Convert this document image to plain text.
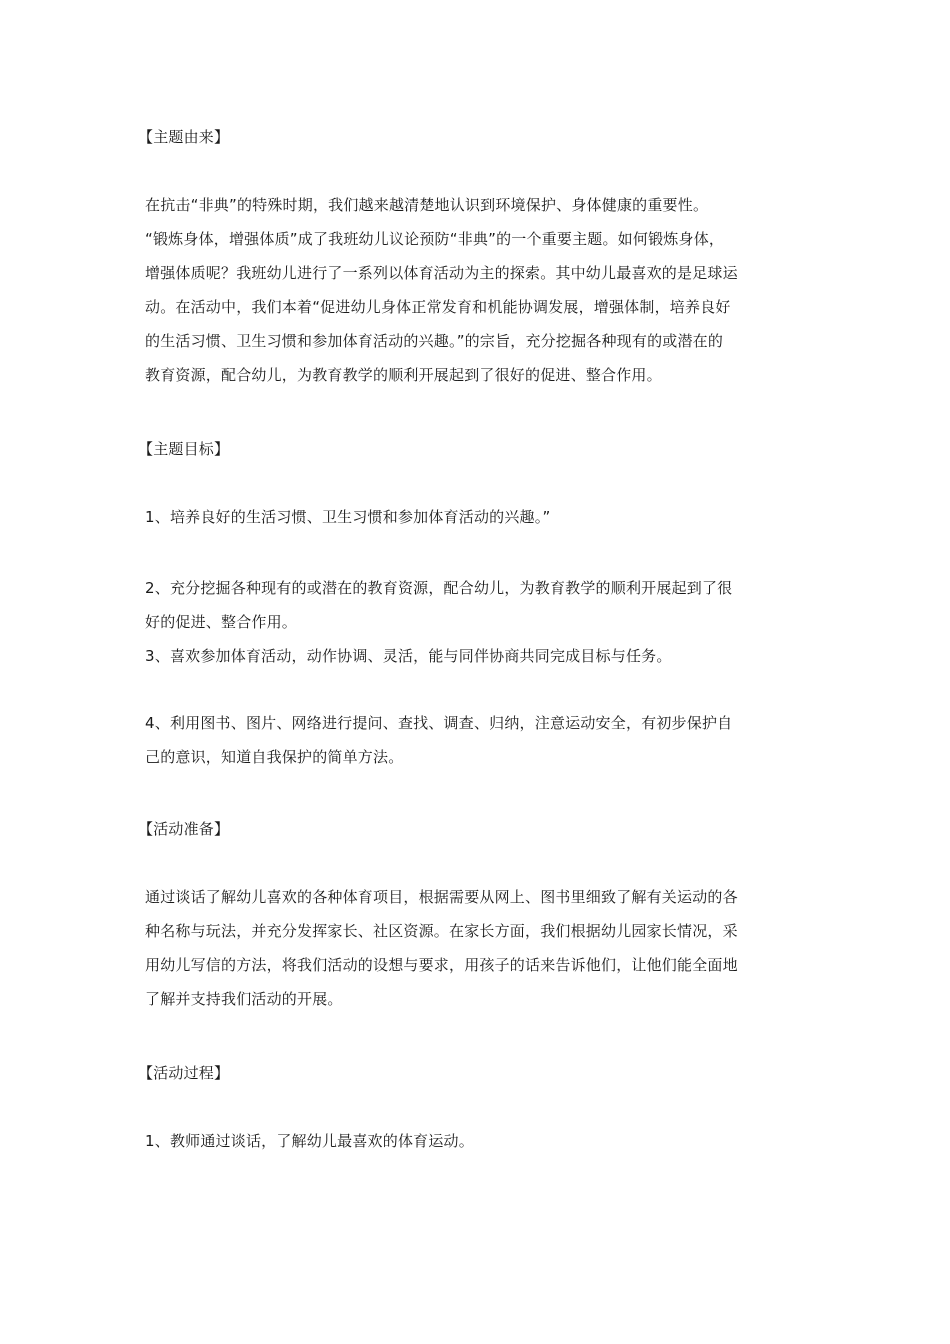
【主题由来】

在抗击“非典”的特殊时期，我们越来越清楚地认识到环境保护、身体健康的重要性。
“锻炼身体，增强体质”成了我班幼儿议论预防“非典”的一个重要主题。如何锻炼身体，
增强体质呢？我班幼儿进行了一系列以体育活动为主的探索。其中幼儿最喜欢的是足球运
动。在活动中，我们本着“促进幼儿身体正常发育和机能协调发展，增强体制，培养良好
的生活习惯、卫生习惯和参加体育活动的兴趣。”的宗旨，充分挖掘各种现有的或潜在的
教育资源，配合幼儿，为教育教学的顺利开展起到了很好的促进、整合作用。

【主题目标】

1、培养良好的生活习惯、卫生习惯和参加体育活动的兴趣。”

2、充分挖掘各种现有的或潜在的教育资源，配合幼儿，为教育教学的顺利开展起到了很
好的促进、整合作用。
3、喜欢参加体育活动，动作协调、灵活，能与同伴协商共同完成目标与任务。

4、利用图书、图片、网络进行提问、查找、调查、归纳，注意运动安全，有初步保护自
己的意识，知道自我保护的简单方法。

【活动准备】

通过谈话了解幼儿喜欢的各种体育项目，根据需要从网上、图书里细致了解有关运动的各
种名称与玩法，并充分发挥家长、社区资源。在家长方面，我们根据幼儿园家长情况，采
用幼儿写信的方法，将我们活动的设想与要求，用孩子的话来告诉他们，让他们能全面地
了解并支持我们活动的开展。

【活动过程】

1、教师通过谈话，了解幼儿最喜欢的体育运动。
